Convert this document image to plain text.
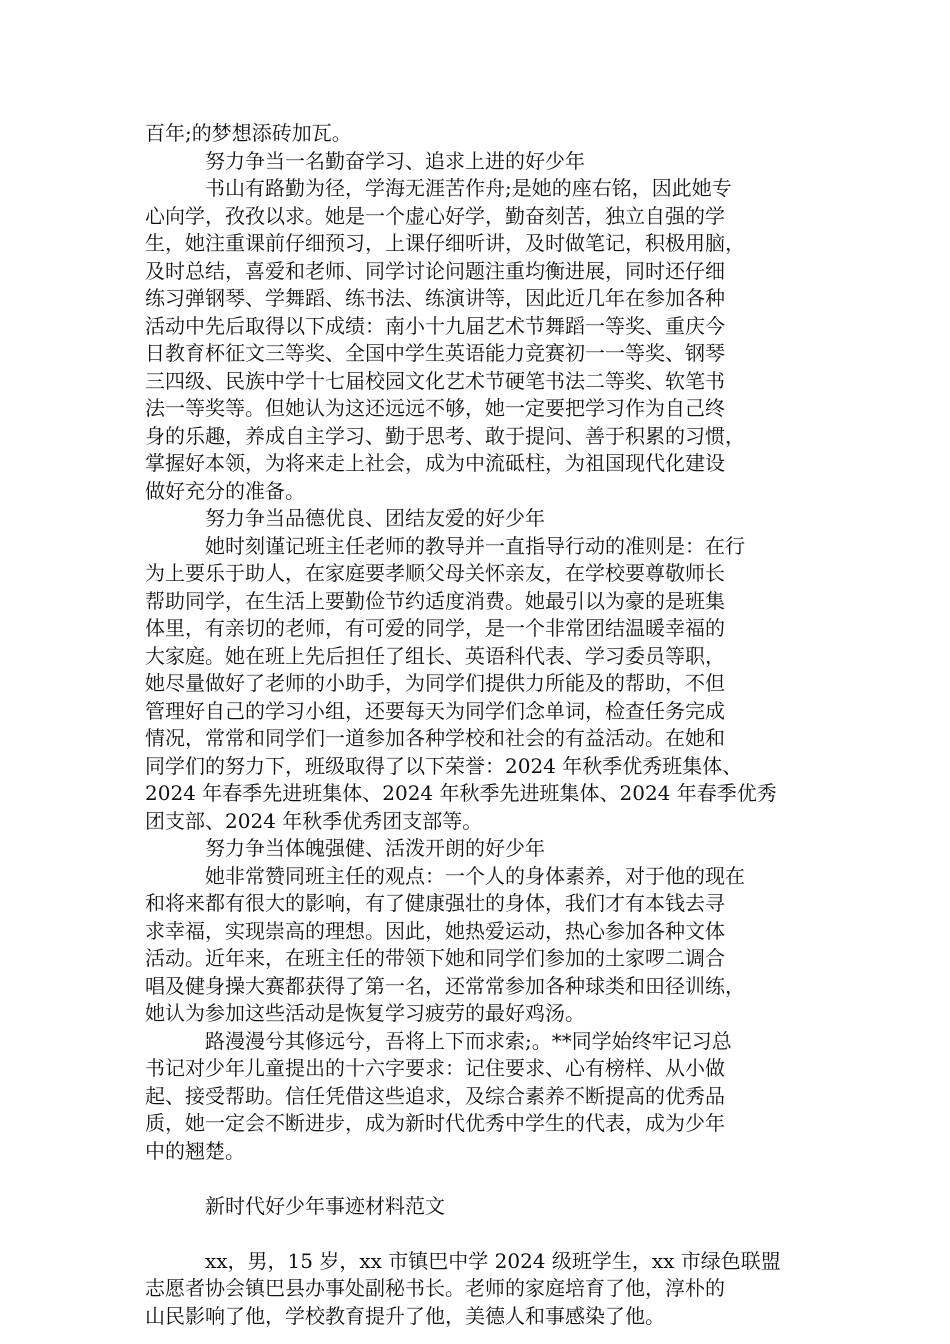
百年;的梦想添砖加瓦。
努力争当一名勤奋学习、追求上进的好少年
书山有路勤为径，学海无涯苦作舟;是她的座右铭，因此她专
心向学，孜孜以求。她是一个虚心好学，勤奋刻苦，独立自强的学
生，她注重课前仔细预习，上课仔细听讲，及时做笔记，积极用脑，
及时总结，喜爱和老师、同学讨论问题注重均衡进展，同时还仔细
练习弹钢琴、学舞蹈、练书法、练演讲等，因此近几年在参加各种
活动中先后取得以下成绩：南小十九届艺术节舞蹈一等奖、重庆今
日教育杯征文三等奖、全国中学生英语能力竞赛初一一等奖、钢琴
三四级、民族中学十七届校园文化艺术节硬笔书法二等奖、软笔书
法一等奖等。但她认为这还远远不够，她一定要把学习作为自己终
身的乐趣，养成自主学习、勤于思考、敢于提问、善于积累的习惯，
掌握好本领，为将来走上社会，成为中流砥柱，为祖国现代化建设
做好充分的准备。
努力争当品德优良、团结友爱的好少年
她时刻谨记班主任老师的教导并一直指导行动的准则是：在行
为上要乐于助人，在家庭要孝顺父母关怀亲友，在学校要尊敬师长
帮助同学，在生活上要勤俭节约适度消费。她最引以为豪的是班集
体里，有亲切的老师，有可爱的同学，是一个非常团结温暖幸福的
大家庭。她在班上先后担任了组长、英语科代表、学习委员等职，
她尽量做好了老师的小助手，为同学们提供力所能及的帮助，不但
管理好自己的学习小组，还要每天为同学们念单词，检查任务完成
情况，常常和同学们一道参加各种学校和社会的有益活动。在她和
同学们的努力下，班级取得了以下荣誉：2024 年秋季优秀班集体、
2024 年春季先进班集体、2024 年秋季先进班集体、2024 年春季优秀
团支部、2024 年秋季优秀团支部等。
努力争当体魄强健、活泼开朗的好少年
她非常赞同班主任的观点：一个人的身体素养，对于他的现在
和将来都有很大的影响，有了健康强壮的身体，我们才有本钱去寻
求幸福，实现崇高的理想。因此，她热爱运动，热心参加各种文体
活动。近年来，在班主任的带领下她和同学们参加的土家啰二调合
唱及健身操大赛都获得了第一名，还常常参加各种球类和田径训练，
她认为参加这些活动是恢复学习疲劳的最好鸡汤。
路漫漫兮其修远兮，吾将上下而求索;。**同学始终牢记习总
书记对少年儿童提出的十六字要求：记住要求、心有榜样、从小做
起、接受帮助。信任凭借这些追求，及综合素养不断提高的优秀品
质，她一定会不断进步，成为新时代优秀中学生的代表，成为少年
中的翘楚。
新时代好少年事迹材料范文
xx，男，15 岁，xx 市镇巴中学 2024 级班学生，xx 市绿色联盟
志愿者协会镇巴县办事处副秘书长。老师的家庭培育了他，淳朴的
山民影响了他，学校教育提升了他，美德人和事感染了他。
